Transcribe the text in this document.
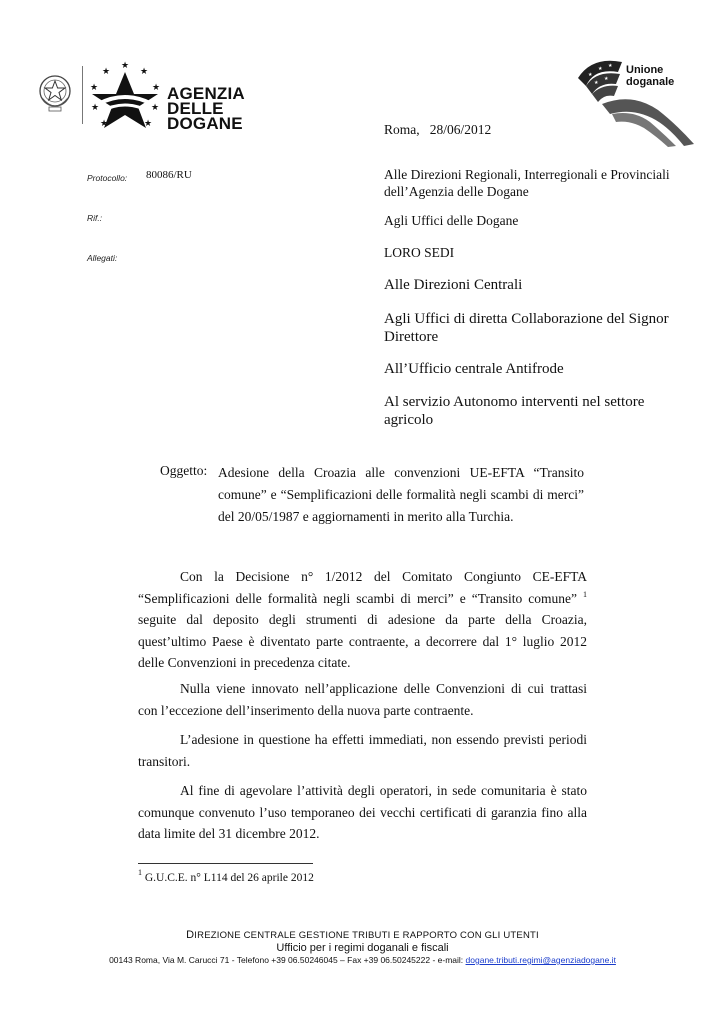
★
★	★
★	★
★	★
★	★
AGENZIA
DELLE
DOGANE
★
★ ★
★
★
Unione
doganale
Roma,   28/06/2012
Protocollo: 80086/RU
Rif.:
Allegati:
Alle Direzioni Regionali, Interregionali e Provinciali dell’Agenzia delle Dogane
Agli Uffici delle Dogane
LORO SEDI
Alle Direzioni Centrali
Agli Uffici di diretta Collaborazione del Signor Direttore
All’Ufficio centrale Antifrode
Al servizio Autonomo interventi nel settore agricolo
Oggetto: Adesione della Croazia alle convenzioni UE-EFTA “Transito comune” e “Semplificazioni delle formalità negli scambi di merci” del 20/05/1987 e aggiornamenti in merito alla Turchia.

Con la Decisione n° 1/2012 del Comitato Congiunto CE-EFTA “Semplificazioni delle formalità negli scambi di merci” e “Transito comune” $^1$ seguite dal deposito degli strumenti di adesione da parte della Croazia, quest’ultimo Paese è diventato parte contraente, a decorrere dal 1° luglio 2012 delle Convenzioni in precedenza citate.

Nulla viene innovato nell’applicazione delle Convenzioni di cui trattasi con l’eccezione dell’inserimento della nuova parte contraente.

L’adesione in questione ha effetti immediati, non essendo previsti periodi transitori.

Al fine di agevolare l’attività degli operatori, in sede comunitaria è stato comunque convenuto l’uso temporaneo dei vecchi certificati di garanzia fino alla data limite del 31 dicembre 2012.

$^1$ G.U.C.E. n° L114 del 26 aprile 2012
DIREZIONE CENTRALE GESTIONE TRIBUTI E RAPPORTO CON GLI UTENTI
Ufficio per i regimi doganali e fiscali
00143 Roma, Via M. Carucci 71 - Telefono +39 06.50246045 – Fax +39 06.50245222 - e-mail: dogane.tributi.regimi@agenziadogane.it
